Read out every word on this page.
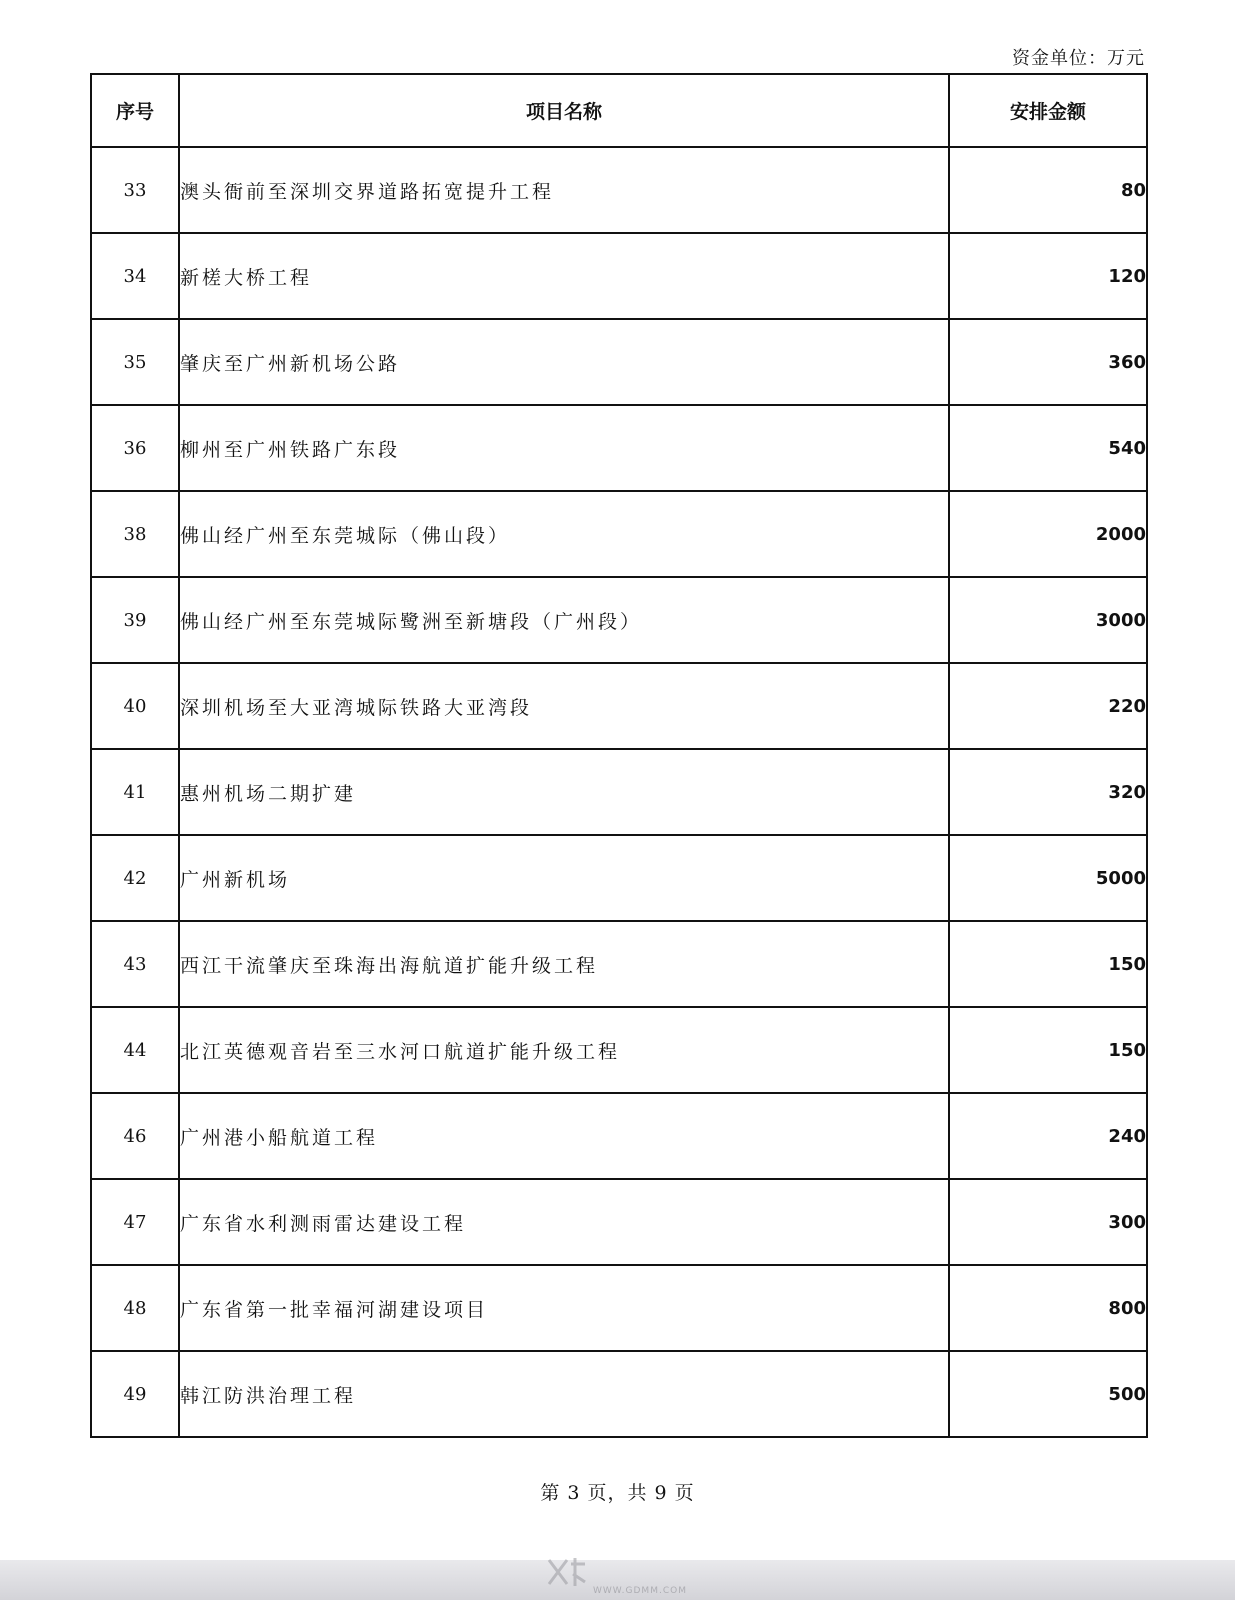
资金单位：万元
序号	项目名称	安排金额
33	澳头衙前至深圳交界道路拓宽提升工程	80
34	新槎大桥工程	120
35	肇庆至广州新机场公路	360
36	柳州至广州铁路广东段	540
38	佛山经广州至东莞城际（佛山段）	2000
39	佛山经广州至东莞城际鹭洲至新塘段（广州段）	3000
40	深圳机场至大亚湾城际铁路大亚湾段	220
41	惠州机场二期扩建	320
42	广州新机场	5000
43	西江干流肇庆至珠海出海航道扩能升级工程	150
44	北江英德观音岩至三水河口航道扩能升级工程	150
46	广州港小船航道工程	240
47	广东省水利测雨雷达建设工程	300
48	广东省第一批幸福河湖建设项目	800
49	韩江防洪治理工程	500
第 3 页，共 9 页
WWW.GDMM.COM
